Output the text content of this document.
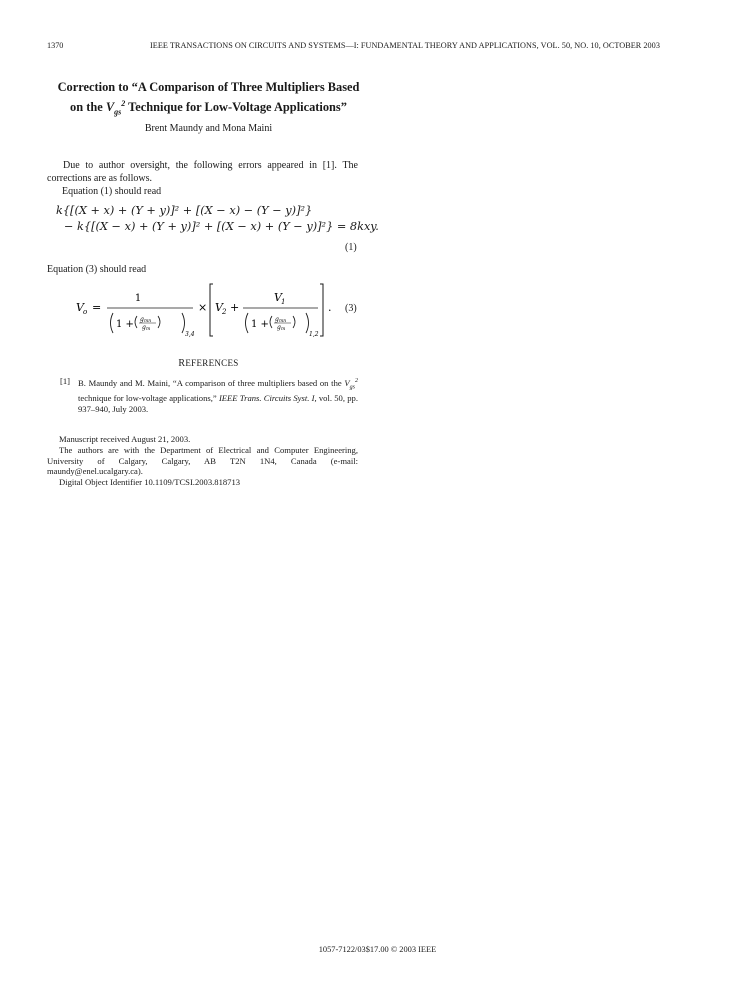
1370	IEEE TRANSACTIONS ON CIRCUITS AND SYSTEMS—I: FUNDAMENTAL THEORY AND APPLICATIONS, VOL. 50, NO. 10, OCTOBER 2003
Correction to “A Comparison of Three Multipliers Based
on the $V_{gs}^2$ Technique for Low-Voltage Applications”
Brent Maundy and Mona Maini
Due to author oversight, the following errors appeared in [1]. The corrections are as follows.
Equation (1) should read
k{[(X + x) + (Y + y)]² + [(X − x) − (Y − y)]²}
− k{[(X − x) + (Y + y)]² + [(X − x) + (Y − y)]²} = 8kxy.
(1)
Equation (3) should read
V o =
1
1 + g mn
g m
3,4
× V 2 +
V 1
1 + g mn
g m
1,2
. (3)
REFERENCES
[1] B. Maundy and M. Maini, “A comparison of three multipliers based on the $V_{gs}^2$ technique for low-voltage applications,” IEEE Trans. Circuits Syst. I, vol. 50, pp. 937–940, July 2003.

Manuscript received August 21, 2003.

The authors are with the Department of Electrical and Computer Engineering, University of Calgary, Calgary, AB T2N 1N4, Canada (e-mail: maundy@enel.ucalgary.ca).

Digital Object Identifier 10.1109/TCSI.2003.818713

1057-7122/03$17.00 © 2003 IEEE
